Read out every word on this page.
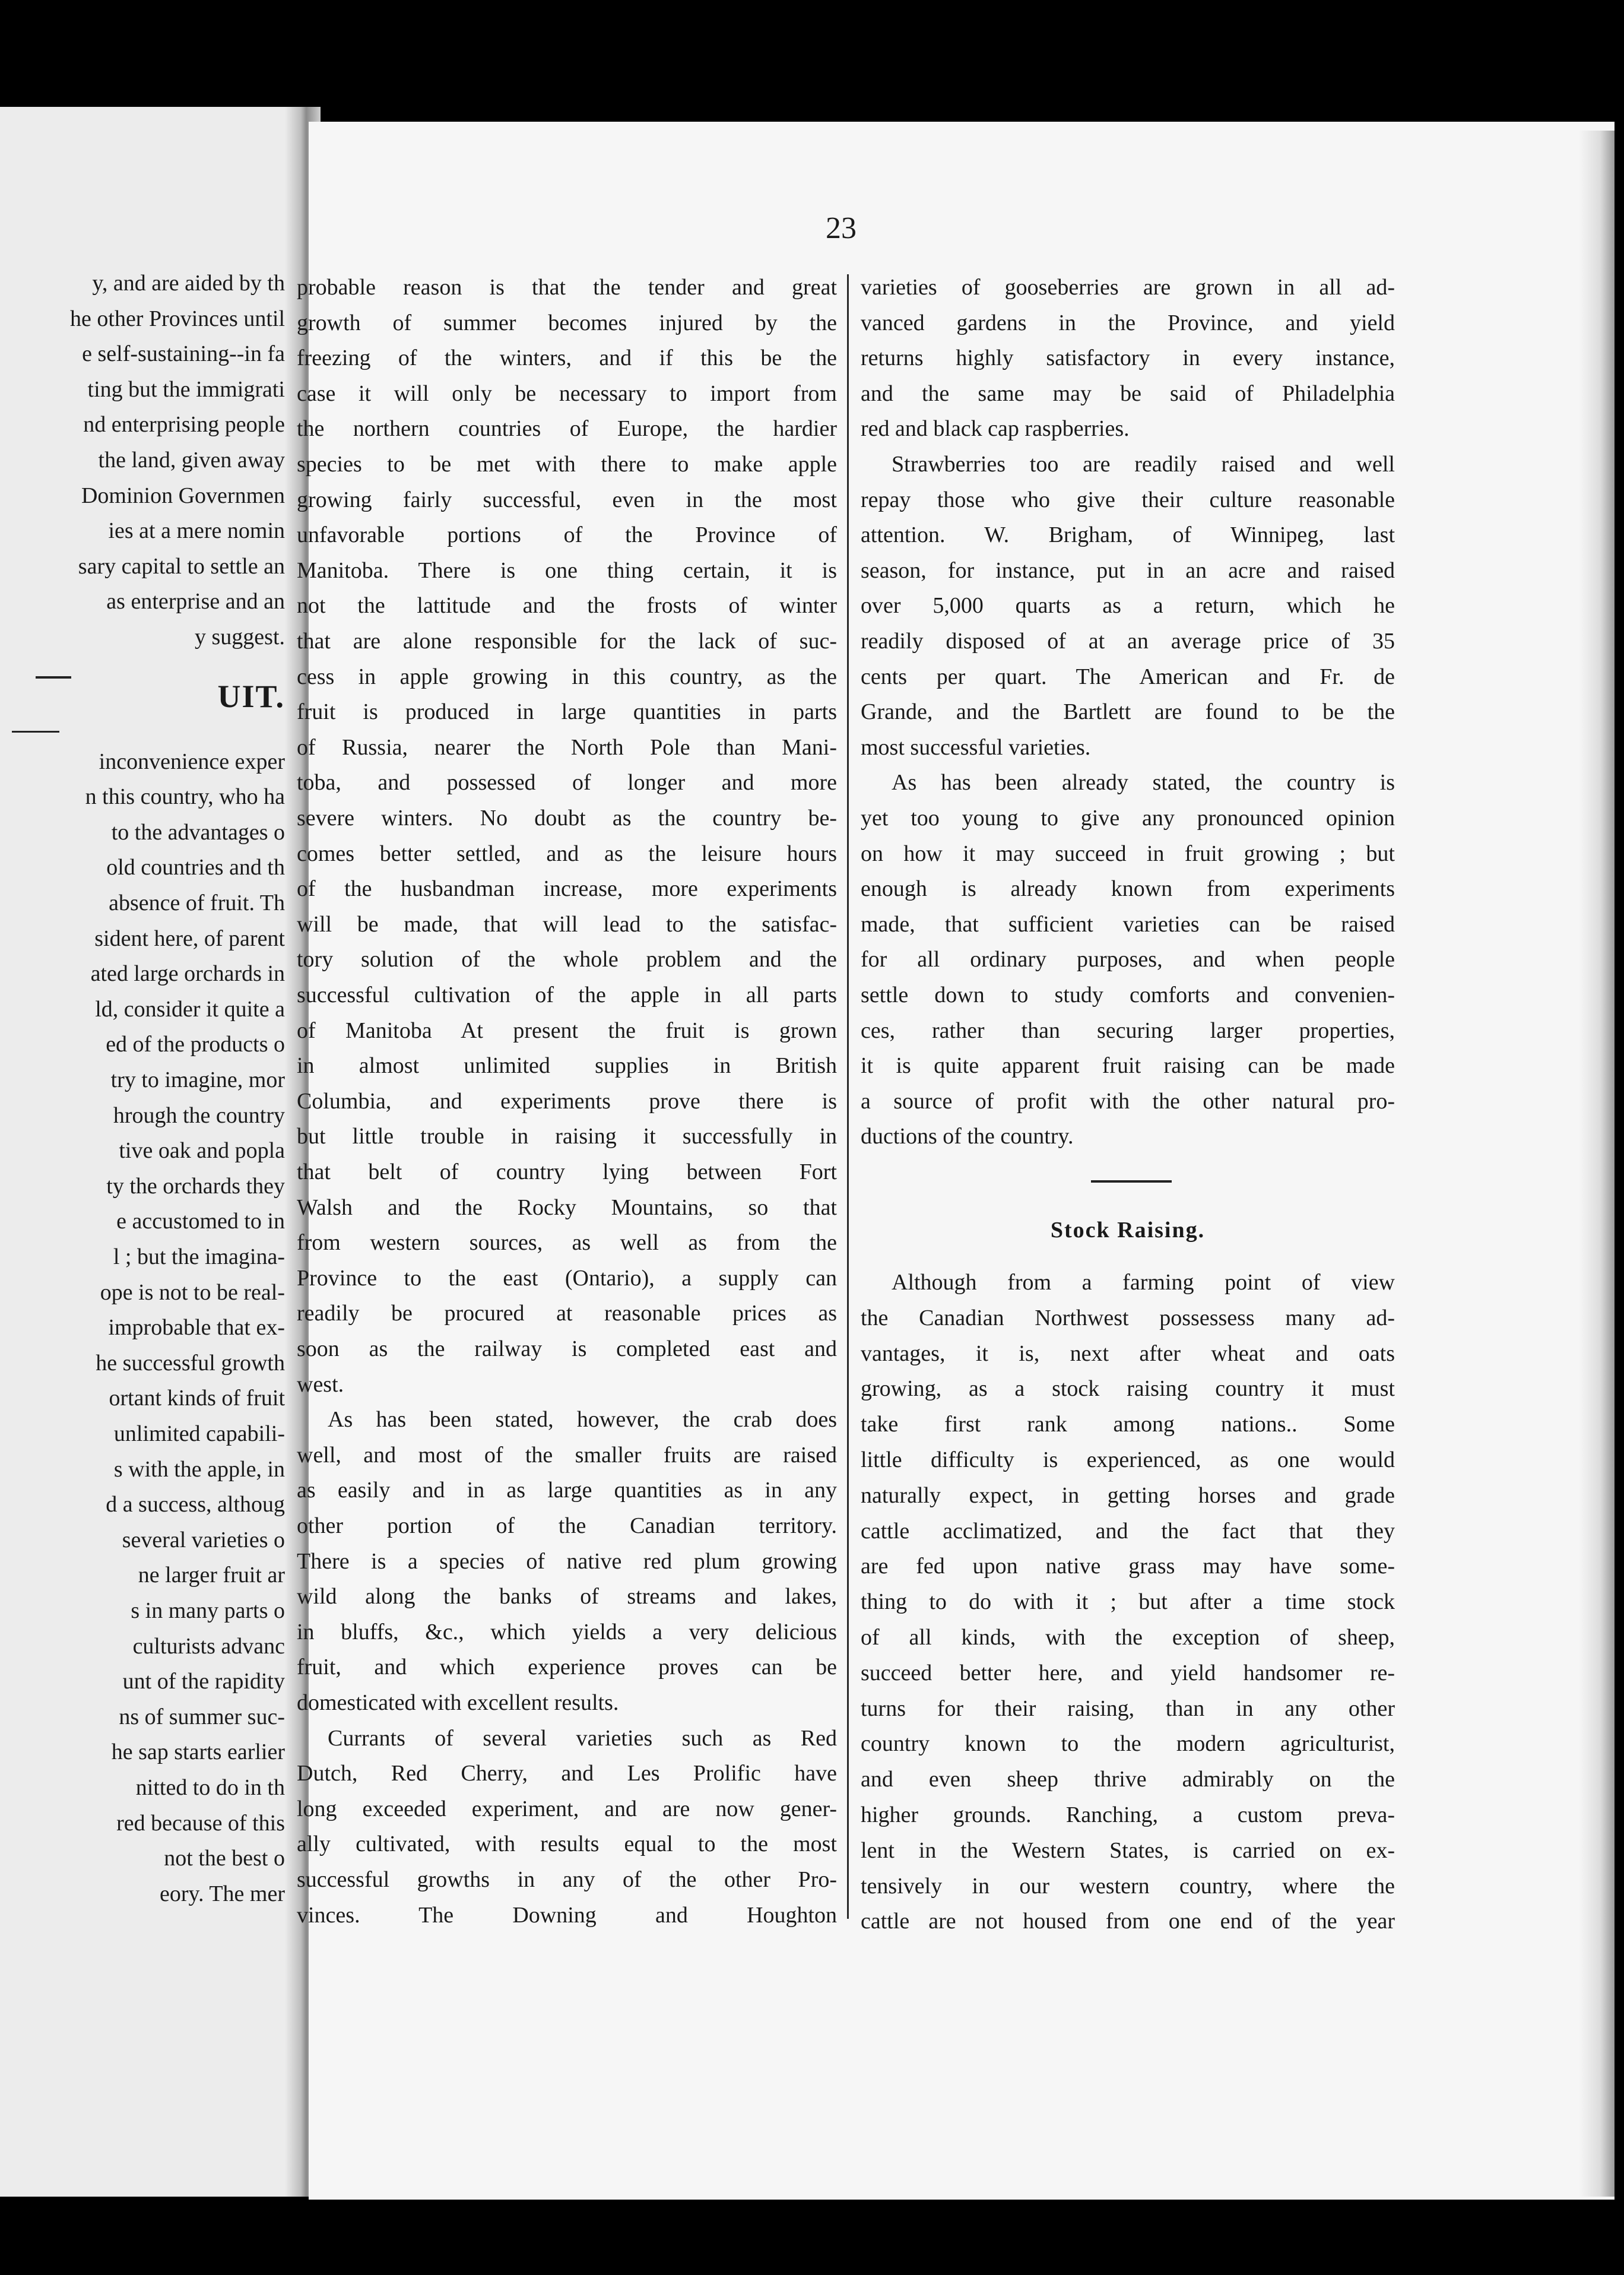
y, and are aided by th
he other Provinces until
e self-sustaining--in fa
ting but the immigrati
nd enterprising people
the land, given away
Dominion Governmen
ies at a mere nomin
sary capital to settle an
as enterprise and an
y suggest.
UIT.
inconvenience exper
n this country, who ha
to the advantages o
old countries and th
absence of fruit. Th
sident here, of parent
ated large orchards in
ld, consider it quite a
ed of the products o
try to imagine, mor
hrough the country
tive oak and popla
ty the orchards they
e accustomed to in
l ; but the imagina-
ope is not to be real-
improbable that ex-
he successful growth
ortant kinds of fruit
unlimited capabili-
s with the apple, in
d a success, althoug
several varieties o
ne larger fruit ar
s in many parts o
culturists advanc
unt of the rapidity
ns of summer suc-
he sap starts earlier
nitted to do in th
red because of this
not the best o
eory. The mer
23
probable reason is that the tender and great
growth of summer becomes injured by the
freezing of the winters, and if this be the
case it will only be necessary to import from
the northern countries of Europe, the hardier
species to be met with there to make apple
growing fairly successful, even in the most
unfavorable portions of the Province of
Manitoba. There is one thing certain, it is
not the lattitude and the frosts of winter
that are alone responsible for the lack of suc-
cess in apple growing in this country, as the
fruit is produced in large quantities in parts
of Russia, nearer the North Pole than Mani-
toba, and possessed of longer and more
severe winters. No doubt as the country be-
comes better settled, and as the leisure hours
of the husbandman increase, more experiments
will be made, that will lead to the satisfac-
tory solution of the whole problem and the
successful cultivation of the apple in all parts
of Manitoba At present the fruit is grown
in almost unlimited supplies in British
Columbia, and experiments prove there is
but little trouble in raising it successfully in
that belt of country lying between Fort
Walsh and the Rocky Mountains, so that
from western sources, as well as from the
Province to the east (Ontario), a supply can
readily be procured at reasonable prices as
soon as the railway is completed east and
west.
As has been stated, however, the crab does
well, and most of the smaller fruits are raised
as easily and in as large quantities as in any
other portion of the Canadian territory.
There is a species of native red plum growing
wild along the banks of streams and lakes,
in bluffs, &c., which yields a very delicious
fruit, and which experience proves can be
domesticated with excellent results.
Currants of several varieties such as Red
Dutch, Red Cherry, and Les Prolific have
long exceeded experiment, and are now gener-
ally cultivated, with results equal to the most
successful growths in any of the other Pro-
vinces. The Downing and Houghton
varieties of gooseberries are grown in all ad-
vanced gardens in the Province, and yield
returns highly satisfactory in every instance,
and the same may be said of Philadelphia
red and black cap raspberries.
Strawberries too are readily raised and well
repay those who give their culture reasonable
attention. W. Brigham, of Winnipeg, last
season, for instance, put in an acre and raised
over 5,000 quarts as a return, which he
readily disposed of at an average price of 35
cents per quart. The American and Fr. de
Grande, and the Bartlett are found to be the
most successful varieties.
As has been already stated, the country is
yet too young to give any pronounced opinion
on how it may succeed in fruit growing ; but
enough is already known from experiments
made, that sufficient varieties can be raised
for all ordinary purposes, and when people
settle down to study comforts and convenien-
ces, rather than securing larger properties,
it is quite apparent fruit raising can be made
a source of profit with the other natural pro-
ductions of the country.
Stock Raising.
Although from a farming point of view
the Canadian Northwest possessess many ad-
vantages, it is, next after wheat and oats
growing, as a stock raising country it must
take first rank among nations.. Some
little difficulty is experienced, as one would
naturally expect, in getting horses and grade
cattle acclimatized, and the fact that they
are fed upon native grass may have some-
thing to do with it ; but after a time stock
of all kinds, with the exception of sheep,
succeed better here, and yield handsomer re-
turns for their raising, than in any other
country known to the modern agriculturist,
and even sheep thrive admirably on the
higher grounds. Ranching, a custom preva-
lent in the Western States, is carried on ex-
tensively in our western country, where the
cattle are not housed from one end of the year
